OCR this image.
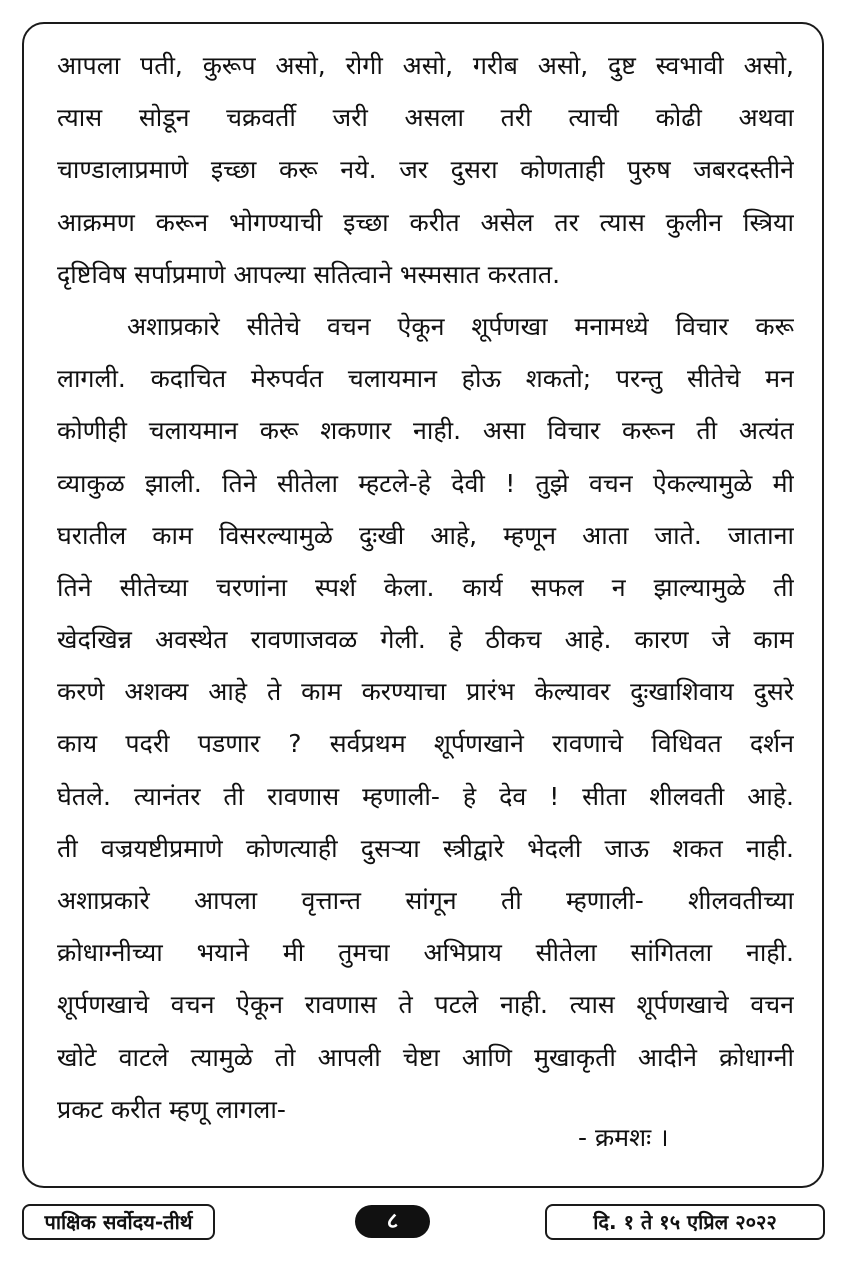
आपला पती, कुरूप असो, रोगी असो, गरीब असो, दुष्ट स्वभावी असो,
त्यास सोडून चक्रवर्ती जरी असला तरी त्याची कोढी अथवा
चाण्डालाप्रमाणे इच्छा करू नये. जर दुसरा कोणताही पुरुष जबरदस्तीने
आक्रमण करून भोगण्याची इच्छा करीत असेल तर त्यास कुलीन स्त्रिया
दृष्टिविष सर्पाप्रमाणे आपल्या सतित्वाने भस्मसात करतात.
अशाप्रकारे सीतेचे वचन ऐकून शूर्पणखा मनामध्ये विचार करू
लागली. कदाचित मेरुपर्वत चलायमान होऊ शकतो; परन्तु सीतेचे मन
कोणीही चलायमान करू शकणार नाही. असा विचार करून ती अत्यंत
व्याकुळ झाली. तिने सीतेला म्हटले-हे देवी ! तुझे वचन ऐकल्यामुळे मी
घरातील काम विसरल्यामुळे दुःखी आहे, म्हणून आता जाते. जाताना
तिने सीतेच्या चरणांना स्पर्श केला. कार्य सफल न झाल्यामुळे ती
खेदखिन्न अवस्थेत रावणाजवळ गेली. हे ठीकच आहे. कारण जे काम
करणे अशक्य आहे ते काम करण्याचा प्रारंभ केल्यावर दुःखाशिवाय दुसरे
काय पदरी पडणार ? सर्वप्रथम शूर्पणखाने रावणाचे विधिवत दर्शन
घेतले. त्यानंतर ती रावणास म्हणाली- हे देव ! सीता शीलवती आहे.
ती वज्रयष्टीप्रमाणे कोणत्याही दुसऱ्या स्त्रीद्वारे भेदली जाऊ शकत नाही.
अशाप्रकारे आपला वृत्तान्त सांगून ती म्हणाली- शीलवतीच्या
क्रोधाग्नीच्या भयाने मी तुमचा अभिप्राय सीतेला सांगितला नाही.
शूर्पणखाचे वचन ऐकून रावणास ते पटले नाही. त्यास शूर्पणखाचे वचन
खोटे वाटले त्यामुळे तो आपली चेष्टा आणि मुखाकृती आदीने क्रोधाग्नी
प्रकट करीत म्हणू लागला-
- क्रमशः ।
पाक्षिक सर्वोदय-तीर्थ	८	दि. १ ते १५ एप्रिल २०२२
